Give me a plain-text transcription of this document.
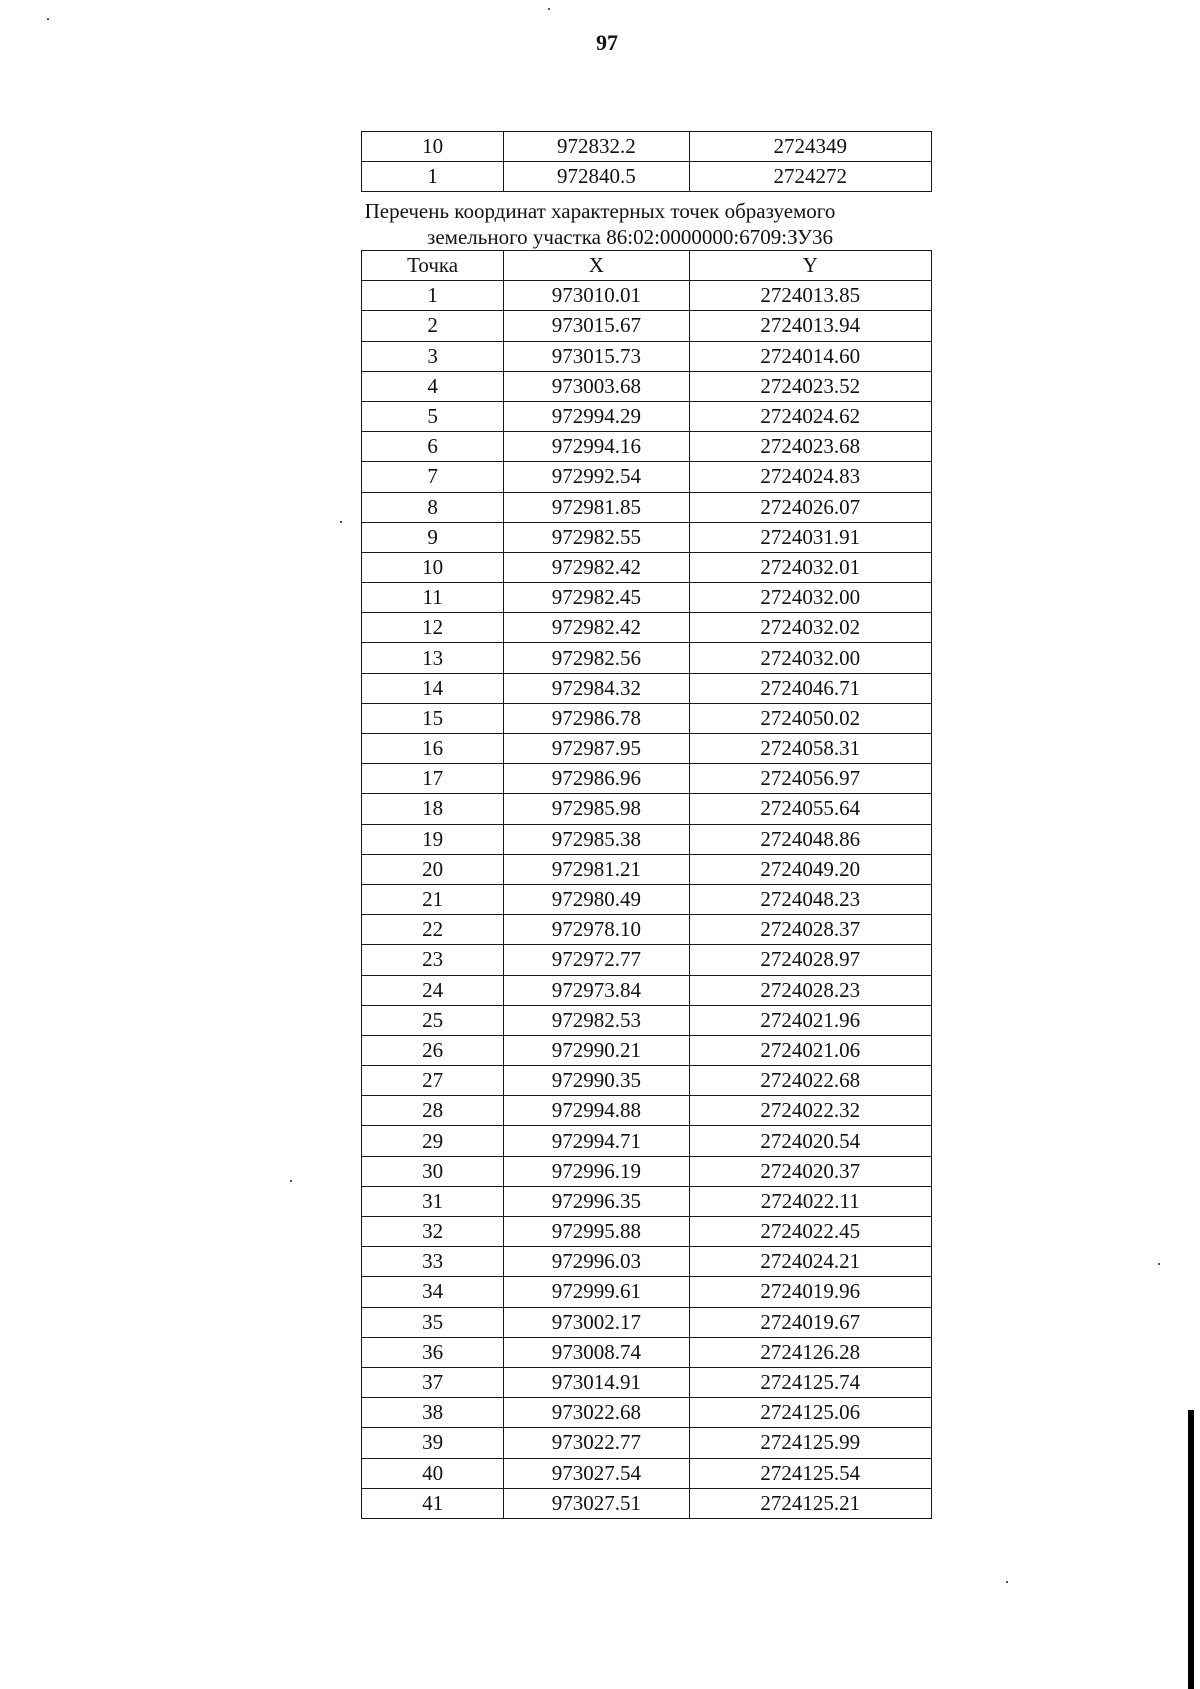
97
10	972832.2	2724349
1	972840.5	2724272
Перечень координат характерных точек образуемого
земельного участка 86:02:0000000:6709:ЗУ36
Точка	X	Y
1	973010.01	2724013.85
2	973015.67	2724013.94
3	973015.73	2724014.60
4	973003.68	2724023.52
5	972994.29	2724024.62
6	972994.16	2724023.68
7	972992.54	2724024.83
8	972981.85	2724026.07
9	972982.55	2724031.91
10	972982.42	2724032.01
11	972982.45	2724032.00
12	972982.42	2724032.02
13	972982.56	2724032.00
14	972984.32	2724046.71
15	972986.78	2724050.02
16	972987.95	2724058.31
17	972986.96	2724056.97
18	972985.98	2724055.64
19	972985.38	2724048.86
20	972981.21	2724049.20
21	972980.49	2724048.23
22	972978.10	2724028.37
23	972972.77	2724028.97
24	972973.84	2724028.23
25	972982.53	2724021.96
26	972990.21	2724021.06
27	972990.35	2724022.68
28	972994.88	2724022.32
29	972994.71	2724020.54
30	972996.19	2724020.37
31	972996.35	2724022.11
32	972995.88	2724022.45
33	972996.03	2724024.21
34	972999.61	2724019.96
35	973002.17	2724019.67
36	973008.74	2724126.28
37	973014.91	2724125.74
38	973022.68	2724125.06
39	973022.77	2724125.99
40	973027.54	2724125.54
41	973027.51	2724125.21
